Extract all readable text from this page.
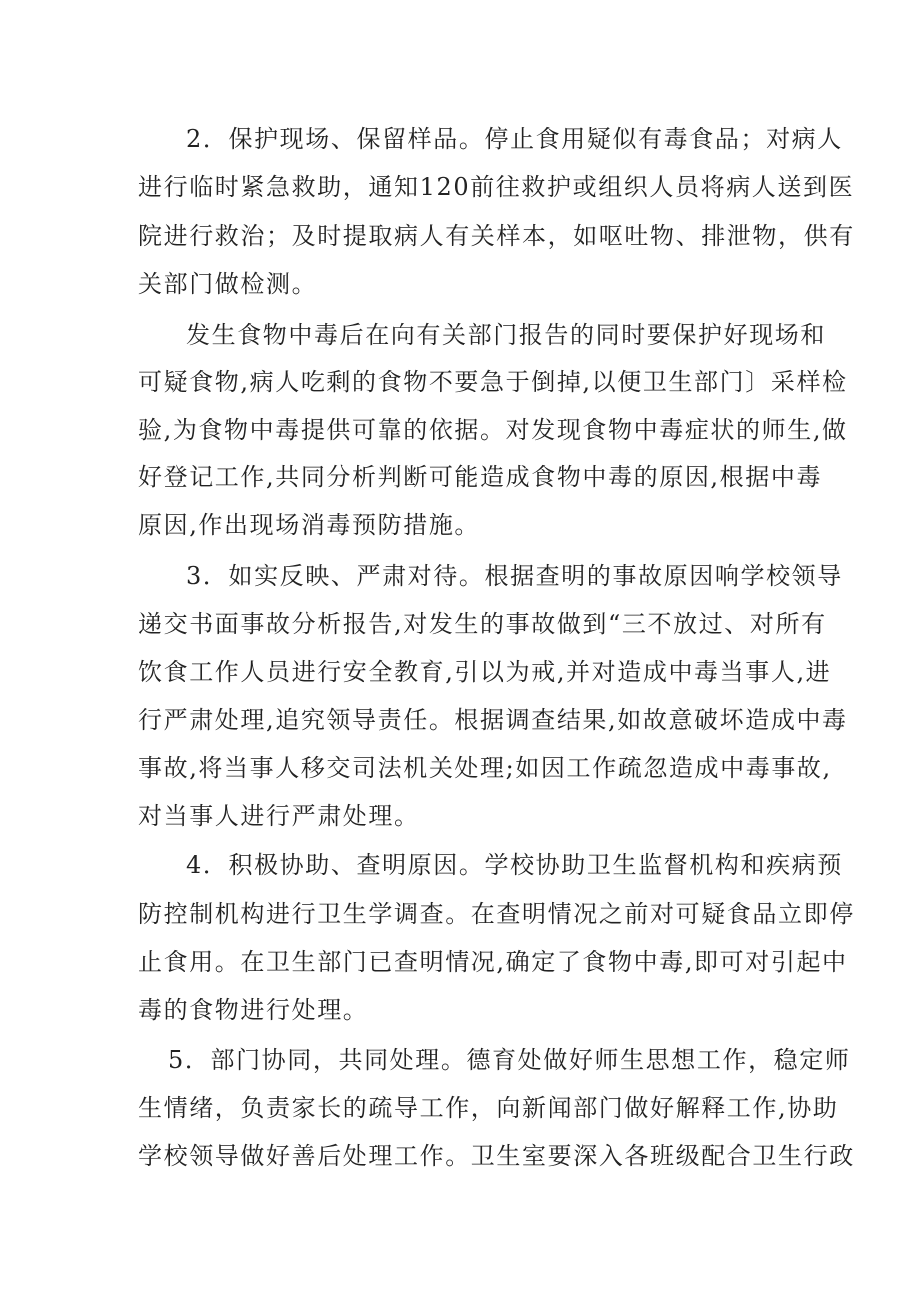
2．保护现场、保留样品。停止食用疑似有毒食品；对病人
进行临时紧急救助，通知120前往救护或组织人员将病人送到医
院进行救治；及时提取病人有关样本，如呕吐物、排泄物，供有
关部门做检测。
发生食物中毒后在向有关部门报告的同时要保护好现场和
可疑食物,病人吃剩的食物不要急于倒掉,以便卫生部门〕采样检
验,为食物中毒提供可靠的依据。对发现食物中毒症状的师生,做
好登记工作,共同分析判断可能造成食物中毒的原因,根据中毒
原因,作出现场消毒预防措施。
3．如实反映、严肃对待。根据查明的事故原因响学校领导
递交书面事故分析报告,对发生的事故做到“三不放过、对所有
饮食工作人员进行安全教育,引以为戒,并对造成中毒当事人,进
行严肃处理,追究领导责任。根据调查结果,如故意破坏造成中毒
事故,将当事人移交司法机关处理;如因工作疏忽造成中毒事故,
对当事人进行严肃处理。
4．积极协助、查明原因。学校协助卫生监督机构和疾病预
防控制机构进行卫生学调查。在查明情况之前对可疑食品立即停
止食用。在卫生部门已查明情况,确定了食物中毒,即可对引起中
毒的食物进行处理。
5．部门协同，共同处理。德育处做好师生思想工作，稳定师
生情绪，负责家长的疏导工作，向新闻部门做好解释工作,协助
学校领导做好善后处理工作。卫生室要深入各班级配合卫生行政
